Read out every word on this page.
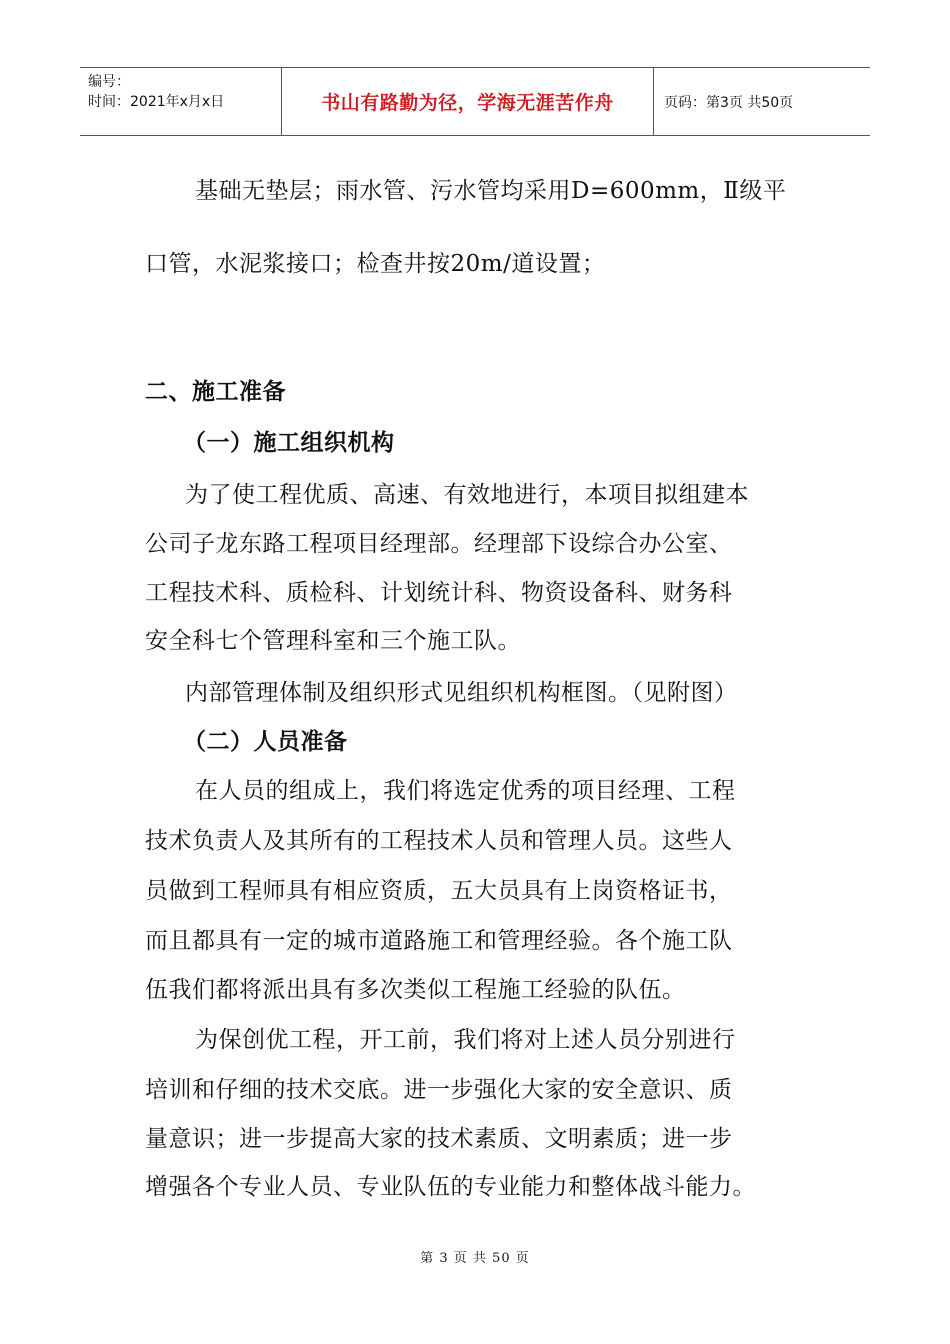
编号：
时间：2021年x月x日	书山有路勤为径，学海无涯苦作舟	页码：第3页 共50页
基础无垫层；雨水管、污水管均采用D=600mm，Ⅱ级平
口管，水泥浆接口；检查井按20m/道设置；
二、施工准备
（一）施工组织机构
为了使工程优质、高速、有效地进行，本项目拟组建本
公司子龙东路工程项目经理部。经理部下设综合办公室、
工程技术科、质检科、计划统计科、物资设备科、财务科
安全科七个管理科室和三个施工队。
内部管理体制及组织形式见组织机构框图。（见附图）
（二）人员准备
在人员的组成上，我们将选定优秀的项目经理、工程
技术负责人及其所有的工程技术人员和管理人员。这些人
员做到工程师具有相应资质，五大员具有上岗资格证书，
而且都具有一定的城市道路施工和管理经验。各个施工队
伍我们都将派出具有多次类似工程施工经验的队伍。
为保创优工程，开工前，我们将对上述人员分别进行
培训和仔细的技术交底。进一步强化大家的安全意识、质
量意识；进一步提高大家的技术素质、文明素质；进一步
增强各个专业人员、专业队伍的专业能力和整体战斗能力。
第 3 页 共 50 页
